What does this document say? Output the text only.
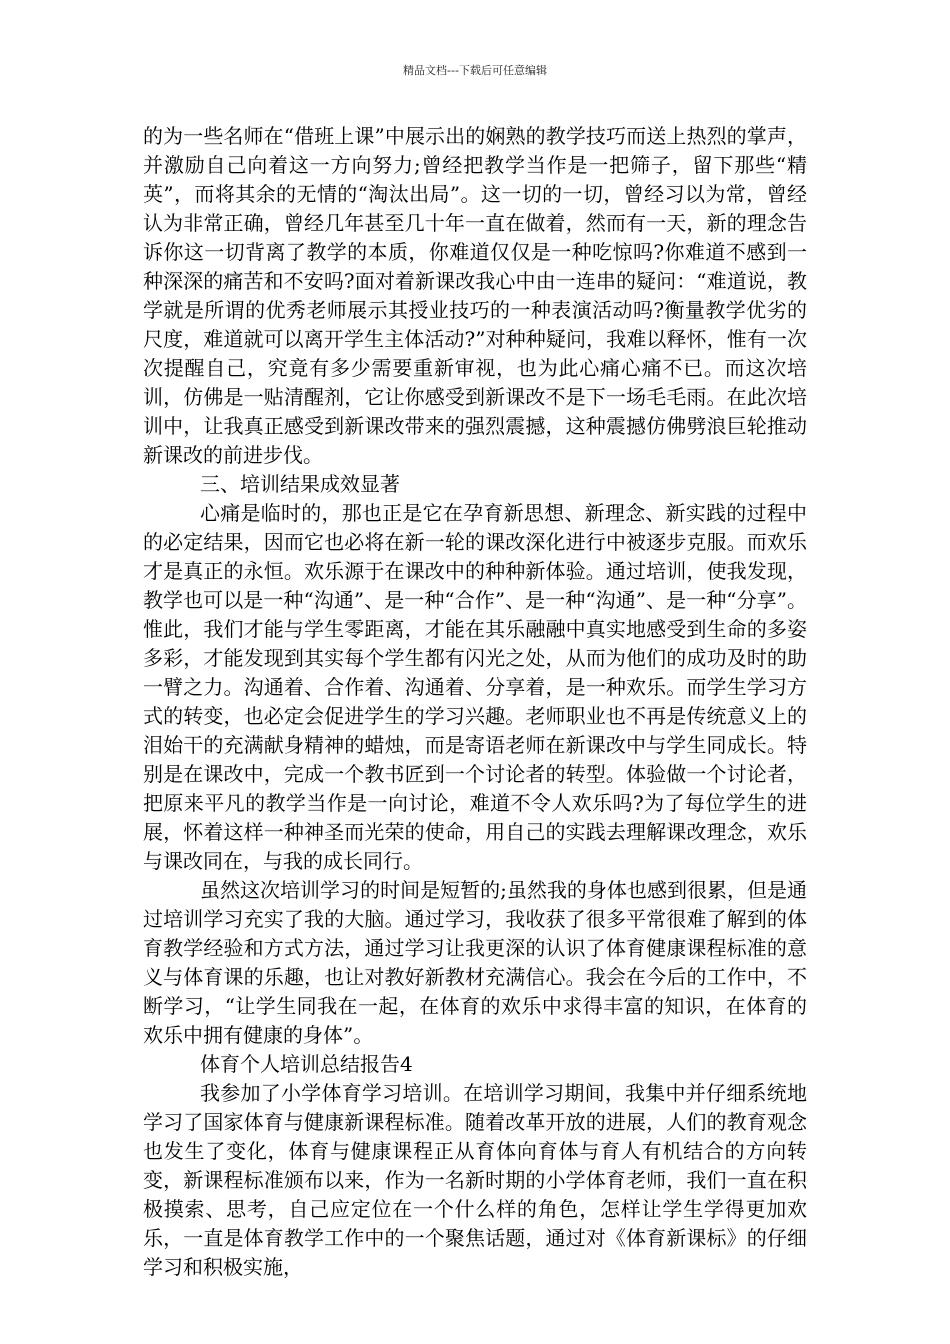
精品文档---下载后可任意编辑

的为一些名师在“借班上课”中展示出的娴熟的教学技巧而送上热烈的掌声，并激励自己向着这一方向努力;曾经把教学当作是一把筛子，留下那些“精英”，而将其余的无情的“淘汰出局”。这一切的一切，曾经习以为常，曾经认为非常正确，曾经几年甚至几十年一直在做着，然而有一天，新的理念告诉你这一切背离了教学的本质，你难道仅仅是一种吃惊吗?你难道不感到一种深深的痛苦和不安吗?面对着新课改我心中由一连串的疑问：“难道说，教学就是所谓的优秀老师展示其授业技巧的一种表演活动吗?衡量教学优劣的尺度，难道就可以离开学生主体活动?”对种种疑问，我难以释怀，惟有一次次提醒自己，究竟有多少需要重新审视，也为此心痛心痛不已。而这次培训，仿佛是一贴清醒剂，它让你感受到新课改不是下一场毛毛雨。在此次培训中，让我真正感受到新课改带来的强烈震撼，这种震撼仿佛劈浪巨轮推动新课改的前进步伐。

三、培训结果成效显著

心痛是临时的，那也正是它在孕育新思想、新理念、新实践的过程中的必定结果，因而它也必将在新一轮的课改深化进行中被逐步克服。而欢乐才是真正的永恒。欢乐源于在课改中的种种新体验。通过培训，使我发现，教学也可以是一种“沟通”、是一种“合作”、是一种“沟通”、是一种“分享”。惟此，我们才能与学生零距离，才能在其乐融融中真实地感受到生命的多姿多彩，才能发现到其实每个学生都有闪光之处，从而为他们的成功及时的助一臂之力。沟通着、合作着、沟通着、分享着，是一种欢乐。而学生学习方式的转变，也必定会促进学生的学习兴趣。老师职业也不再是传统意义上的泪始干的充满献身精神的蜡烛，而是寄语老师在新课改中与学生同成长。特别是在课改中，完成一个教书匠到一个讨论者的转型。体验做一个讨论者，把原来平凡的教学当作是一向讨论，难道不令人欢乐吗?为了每位学生的进展，怀着这样一种神圣而光荣的使命，用自己的实践去理解课改理念，欢乐与课改同在，与我的成长同行。

虽然这次培训学习的时间是短暂的;虽然我的身体也感到很累，但是通过培训学习充实了我的大脑。通过学习，我收获了很多平常很难了解到的体育教学经验和方式方法，通过学习让我更深的认识了体育健康课程标准的意义与体育课的乐趣，也让对教好新教材充满信心。我会在今后的工作中，不断学习，“让学生同我在一起，在体育的欢乐中求得丰富的知识，在体育的欢乐中拥有健康的身体”。

体育个人培训总结报告4

我参加了小学体育学习培训。在培训学习期间，我集中并仔细系统地学习了国家体育与健康新课程标准。随着改革开放的进展，人们的教育观念也发生了变化，体育与健康课程正从育体向育体与育人有机结合的方向转变，新课程标准颁布以来，作为一名新时期的小学体育老师，我们一直在积极摸索、思考，自己应定位在一个什么样的角色，怎样让学生学得更加欢乐，一直是体育教学工作中的一个聚焦话题，通过对《体育新课标》的仔细学习和积极实施，
